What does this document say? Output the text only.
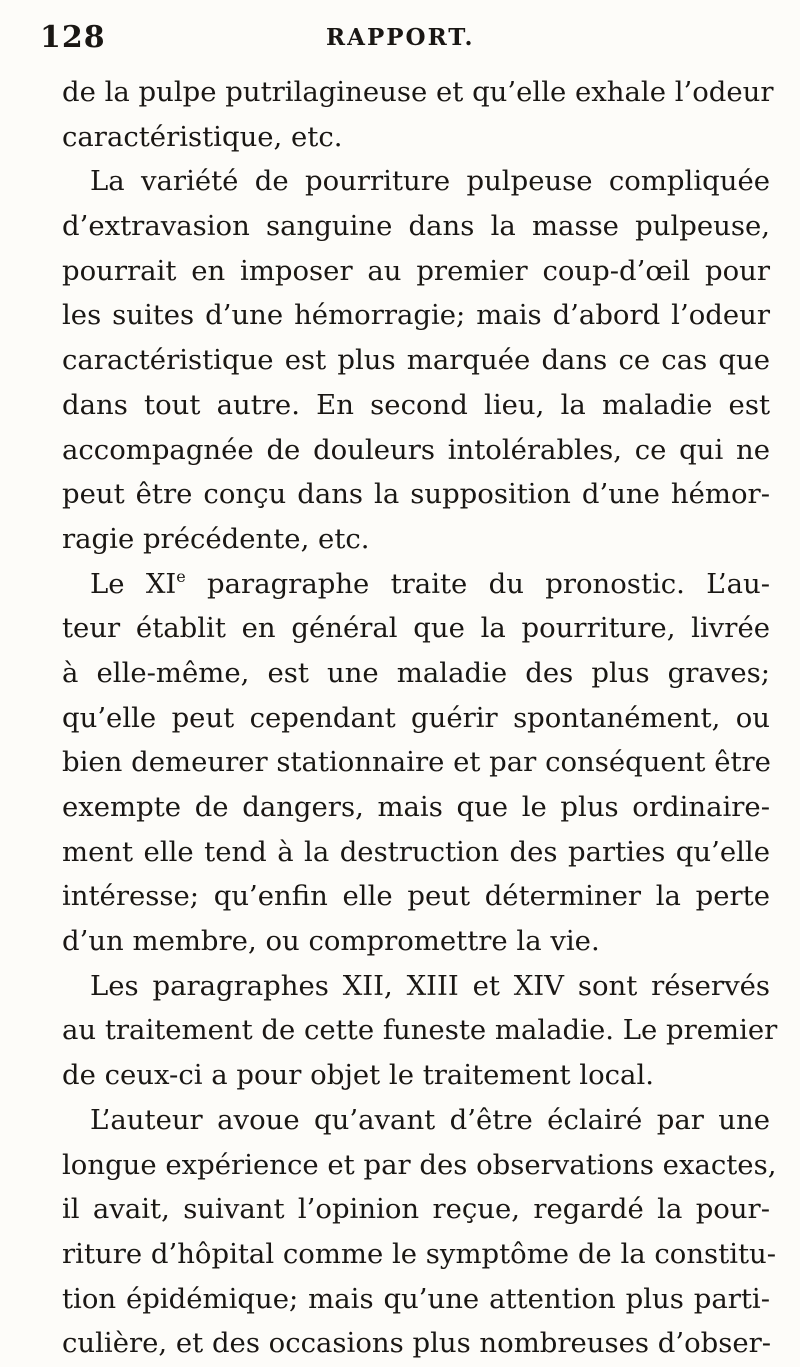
128	RAPPORT.
de la pulpe putrilagineuse et qu’elle exhale l’odeur
caractéristique, etc.
La variété de pourriture pulpeuse compliquée
d’extravasion sanguine dans la masse pulpeuse,
pourrait en imposer au premier coup-d’œil pour
les suites d’une hémorragie; mais d’abord l’odeur
caractéristique est plus marquée dans ce cas que
dans tout autre. En second lieu, la maladie est
accompagnée de douleurs intolérables, ce qui ne
peut être conçu dans la supposition d’une hémor-
ragie précédente, etc.
Le XIe paragraphe traite du pronostic. L’au-
teur établit en général que la pourriture, livrée
à elle-même, est une maladie des plus graves;
qu’elle peut cependant guérir spontanément, ou
bien demeurer stationnaire et par conséquent être
exempte de dangers, mais que le plus ordinaire-
ment elle tend à la destruction des parties qu’elle
intéresse; qu’enfin elle peut déterminer la perte
d’un membre, ou compromettre la vie.
Les paragraphes XII, XIII et XIV sont réservés
au traitement de cette funeste maladie. Le premier
de ceux-ci a pour objet le traitement local.
L’auteur avoue qu’avant d’être éclairé par une
longue expérience et par des observations exactes,
il avait, suivant l’opinion reçue, regardé la pour-
riture d’hôpital comme le symptôme de la constitu-
tion épidémique; mais qu’une attention plus parti-
culière, et des occasions plus nombreuses d’obser-
